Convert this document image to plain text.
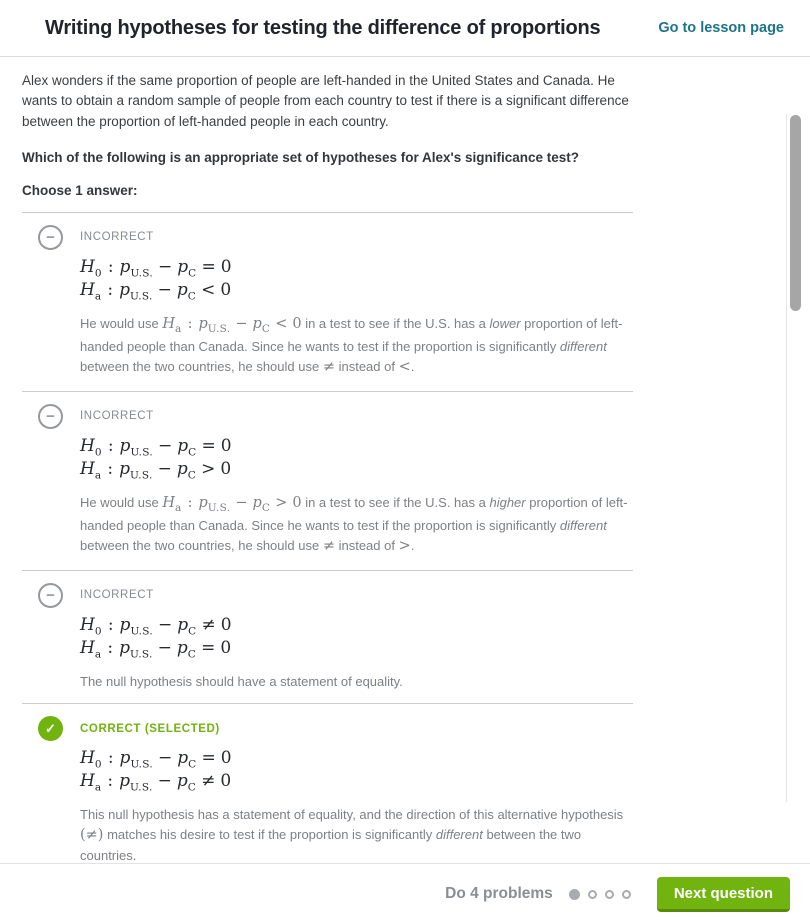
Writing hypotheses for testing the difference of proportions	Go to lesson page

Alex wonders if the same proportion of people are left-handed in the United States and Canada. He wants to obtain a random sample of people from each country to test if there is a significant difference between the proportion of left-handed people in each country.

Which of the following is an appropriate set of hypotheses for Alex's significance test?

Choose 1 answer:

−	INCORRECT
$H_0$ : $p_{U.S.} - p_C = 0$
$H_a$ : $p_{U.S.} - p_C < 0$

He would use $H_a$ : $p_{U.S.} - p_C < 0$ in a test to see if the U.S. has a lower proportion of left-handed people than Canada. Since he wants to test if the proportion is significantly different between the two countries, he should use ≠ instead of <.

−	INCORRECT
$H_0$ : $p_{U.S.} - p_C = 0$
$H_a$ : $p_{U.S.} - p_C > 0$

He would use $H_a$ : $p_{U.S.} - p_C > 0$ in a test to see if the U.S. has a higher proportion of left-handed people than Canada. Since he wants to test if the proportion is significantly different between the two countries, he should use ≠ instead of >.

−	INCORRECT
$H_0$ : $p_{U.S.} - p_C \ne 0$
$H_a$ : $p_{U.S.} - p_C = 0$

The null hypothesis should have a statement of equality.

✓	CORRECT (SELECTED)
$H_0$ : $p_{U.S.} - p_C = 0$
$H_a$ : $p_{U.S.} - p_C \ne 0$

This null hypothesis has a statement of equality, and the direction of this alternative hypothesis (≠) matches his desire to test if the proportion is significantly different between the two countries.

Do 4 problems	Next question
